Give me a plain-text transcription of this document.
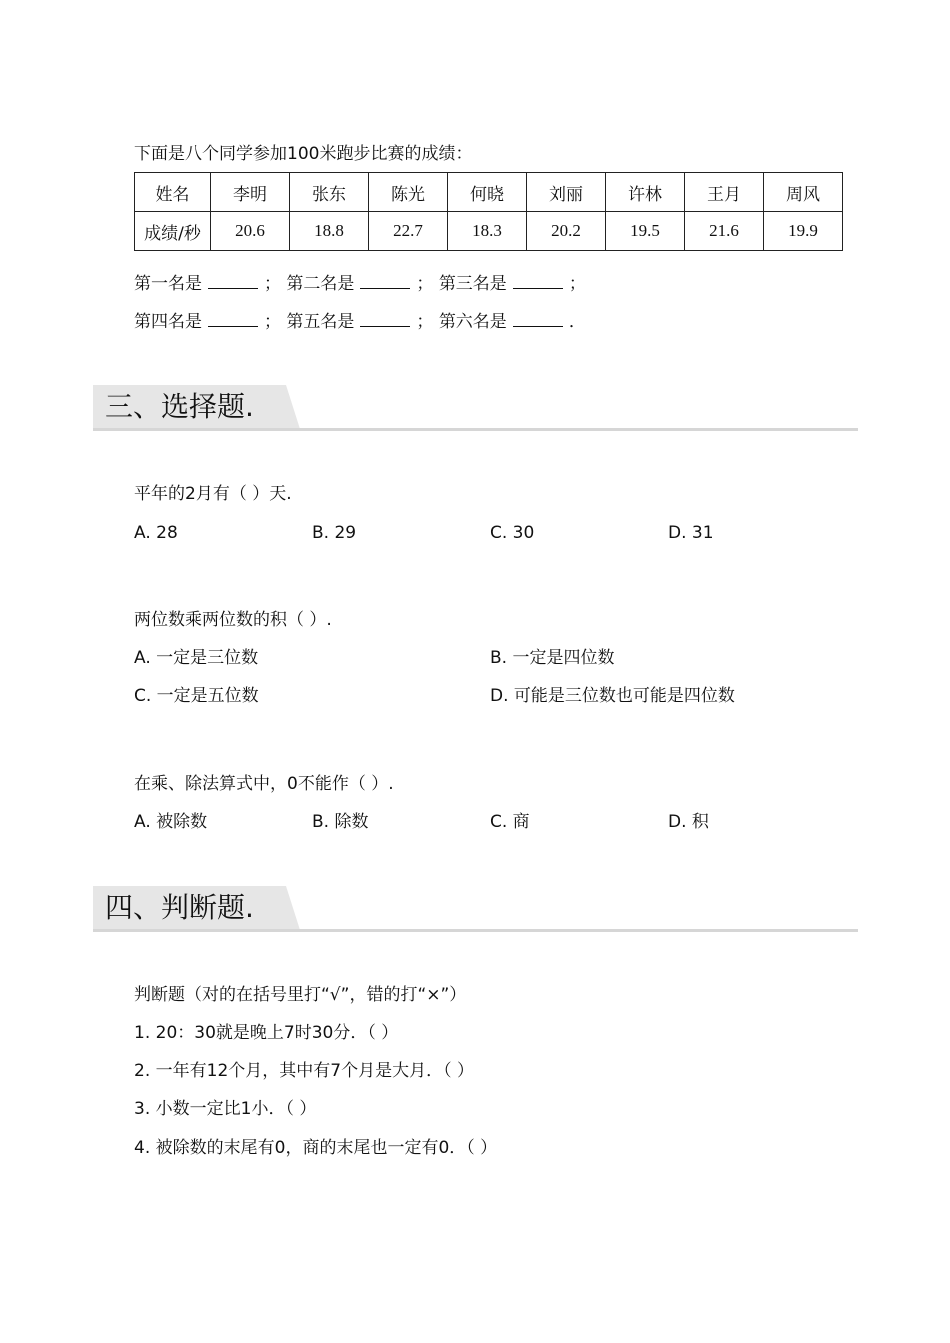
下面是八个同学参加100米跑步比赛的成绩：
姓名	李明	张东	陈光	何晓	刘丽	许林	王月	周风
成绩/秒	20.6	18.8	22.7	18.3	20.2	19.5	21.6	19.9
第一名是	； 第二名是	； 第三名是	；
第四名是	； 第五名是	； 第六名是	．
三、选择题.
平年的2月有（ ）天.
A. 28	B. 29	C. 30	D. 31
两位数乘两位数的积（ ）.
A. 一定是三位数	B. 一定是四位数
C. 一定是五位数	D. 可能是三位数也可能是四位数
在乘、除法算式中，0不能作（ ）.
A. 被除数	B. 除数	C. 商	D. 积
四、判断题.
判断题（对的在括号里打“√”，错的打“×”）
1. 20：30就是晚上7时30分．（ ）
2. 一年有12个月，其中有7个月是大月．（ ）
3. 小数一定比1小．（ ）
4. 被除数的末尾有0，商的末尾也一定有0．（ ）
